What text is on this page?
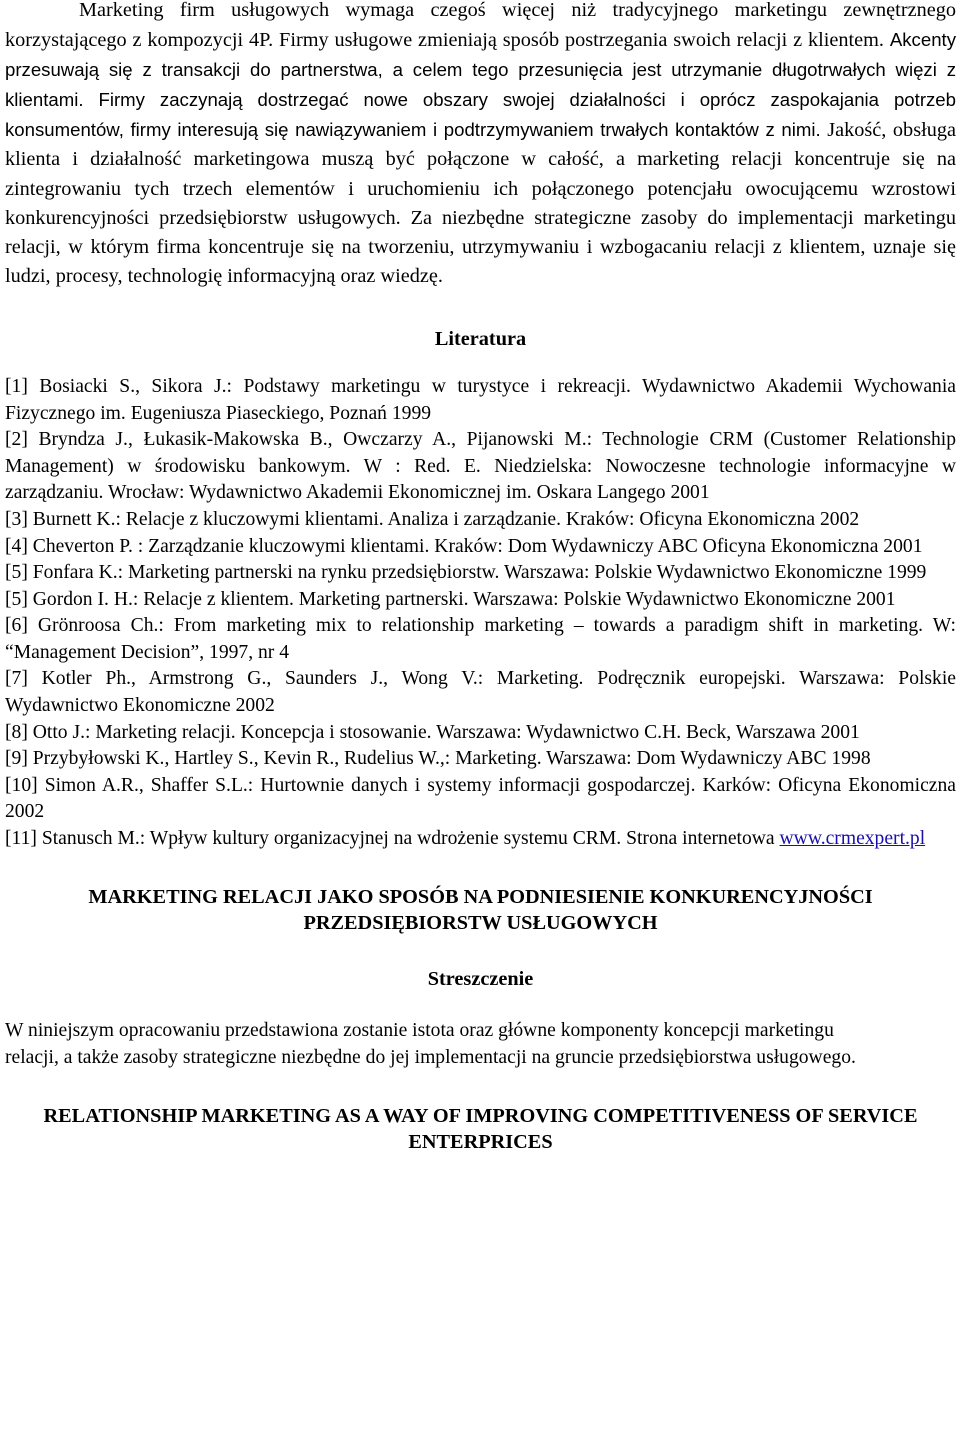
Marketing firm usługowych wymaga czegoś więcej niż tradycyjnego marketingu zewnętrznego korzystającego z kompozycji 4P. Firmy usługowe zmieniają sposób postrzegania swoich relacji z klientem. Akcenty przesuwają się z transakcji do partnerstwa, a celem tego przesunięcia jest utrzymanie długotrwałych więzi z klientami. Firmy zaczynają dostrzegać nowe obszary swojej działalności i oprócz zaspokajania potrzeb konsumentów, firmy interesują się nawiązywaniem i podtrzymywaniem trwałych kontaktów z nimi. Jakość, obsługa klienta i działalność marketingowa muszą być połączone w całość, a marketing relacji koncentruje się na zintegrowaniu tych trzech elementów i uruchomieniu ich połączonego potencjału owocującemu wzrostowi konkurencyjności przedsiębiorstw usługowych. Za niezbędne strategiczne zasoby do implementacji marketingu relacji, w którym firma koncentruje się na tworzeniu, utrzymywaniu i wzbogacaniu relacji z klientem, uznaje się ludzi, procesy, technologię informacyjną oraz wiedzę.

Literatura
[1] Bosiacki S., Sikora J.: Podstawy marketingu w turystyce i rekreacji. Wydawnictwo Akademii Wychowania Fizycznego im. Eugeniusza Piaseckiego, Poznań 1999
[2] Bryndza J., Łukasik-Makowska B., Owczarzy A., Pijanowski M.: Technologie CRM (Customer Relationship Management) w środowisku bankowym. W : Red. E. Niedzielska: Nowoczesne technologie informacyjne w zarządzaniu. Wrocław: Wydawnictwo Akademii Ekonomicznej im. Oskara Langego 2001
[3] Burnett K.: Relacje z kluczowymi klientami. Analiza i zarządzanie. Kraków: Oficyna Ekonomiczna 2002
[4] Cheverton P. : Zarządzanie kluczowymi klientami. Kraków: Dom Wydawniczy ABC Oficyna Ekonomiczna 2001
[5] Fonfara K.: Marketing partnerski na rynku przedsiębiorstw. Warszawa: Polskie Wydawnictwo Ekonomiczne 1999
[5] Gordon I. H.: Relacje z klientem. Marketing partnerski. Warszawa: Polskie Wydawnictwo Ekonomiczne 2001
[6] Grönroosa Ch.: From marketing mix to relationship marketing – towards a paradigm shift in marketing. W: “Management Decision”, 1997, nr 4
[7] Kotler Ph., Armstrong G., Saunders J., Wong V.: Marketing. Podręcznik europejski. Warszawa: Polskie Wydawnictwo Ekonomiczne 2002
[8] Otto J.: Marketing relacji. Koncepcja i stosowanie. Warszawa: Wydawnictwo C.H. Beck, Warszawa 2001
[9] Przybyłowski K., Hartley S., Kevin R., Rudelius W.,: Marketing. Warszawa: Dom Wydawniczy ABC 1998
[10] Simon A.R., Shaffer S.L.: Hurtownie danych i systemy informacji gospodarczej. Karków: Oficyna Ekonomiczna 2002
[11] Stanusch M.: Wpływ kultury organizacyjnej na wdrożenie systemu CRM. Strona internetowa www.crmexpert.pl
MARKETING RELACJI JAKO SPOSÓB NA PODNIESIENIE KONKURENCYJNOŚCI PRZEDSIĘBIORSTW USŁUGOWYCH
Streszczenie

W niniejszym opracowaniu przedstawiona zostanie istota oraz główne komponenty koncepcji marketingu relacji, a także zasoby strategiczne niezbędne do jej implementacji na gruncie przedsiębiorstwa usługowego.

RELATIONSHIP MARKETING AS A WAY OF IMPROVING COMPETITIVENESS OF SERVICE ENTERPRICES
